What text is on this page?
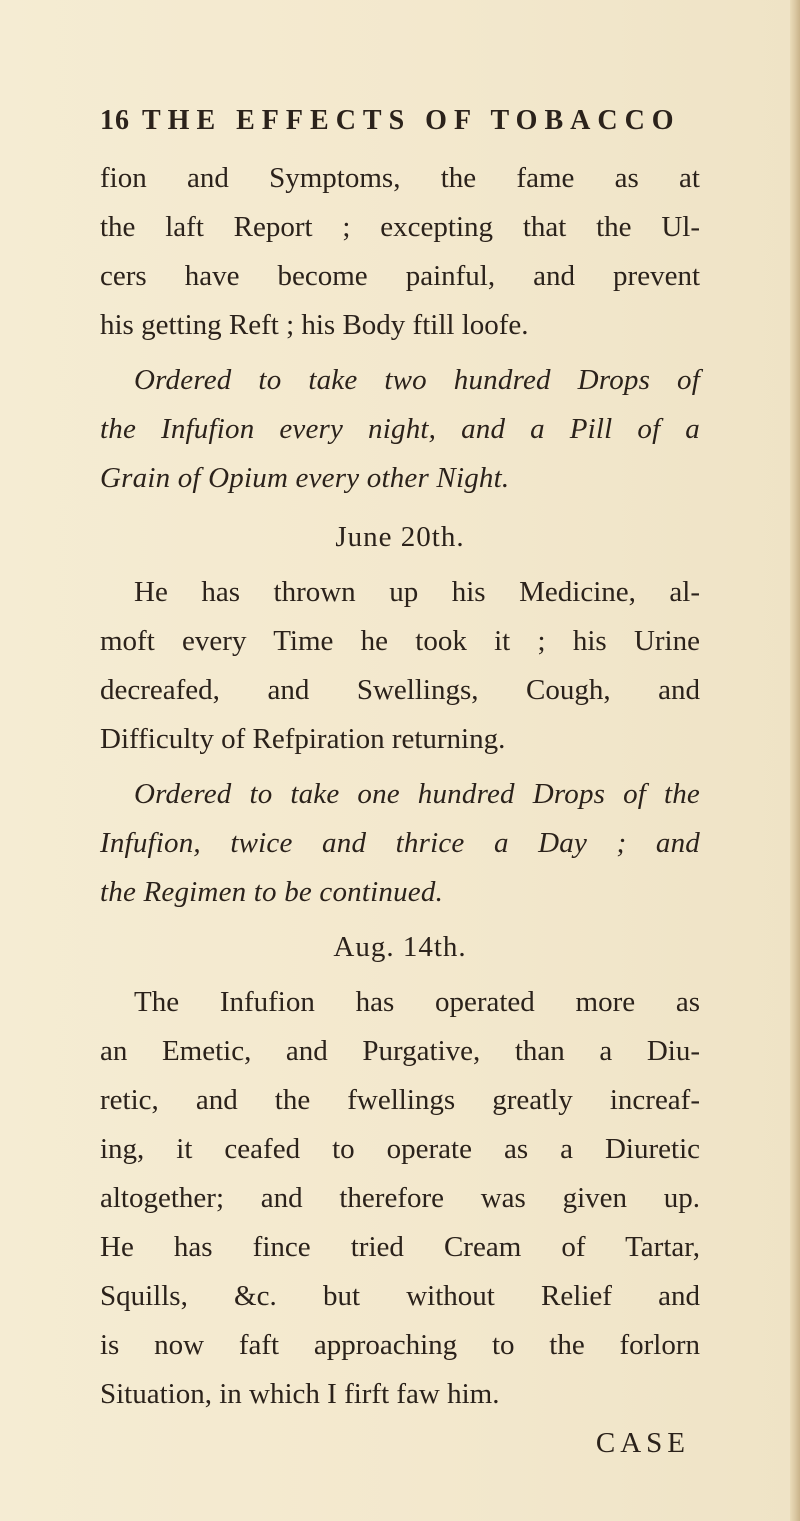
16 THE EFFECTS OF TOBACCO
fion and Symptoms, the fame as at
the laft Report ; excepting that the Ul-
cers have become painful, and prevent
his getting Reft ; his Body ftill loofe.
Ordered to take two hundred Drops of
the Infufion every night, and a Pill of a
Grain of Opium every other Night.
June 20th.
He has thrown up his Medicine, al-
moft every Time he took it ; his Urine
decreafed, and Swellings, Cough, and
Difficulty of Refpiration returning.
Ordered to take one hundred Drops of the
Infufion, twice and thrice a Day ; and
the Regimen to be continued.
Aug. 14th.
The Infufion has operated more as
an Emetic, and Purgative, than a Diu-
retic, and the fwellings greatly increaf-
ing, it ceafed to operate as a Diuretic
altogether; and therefore was given up.
He has fince tried Cream of Tartar,
Squills, &c. but without Relief and
is now faft approaching to the forlorn
Situation, in which I firft faw him.
CASE
